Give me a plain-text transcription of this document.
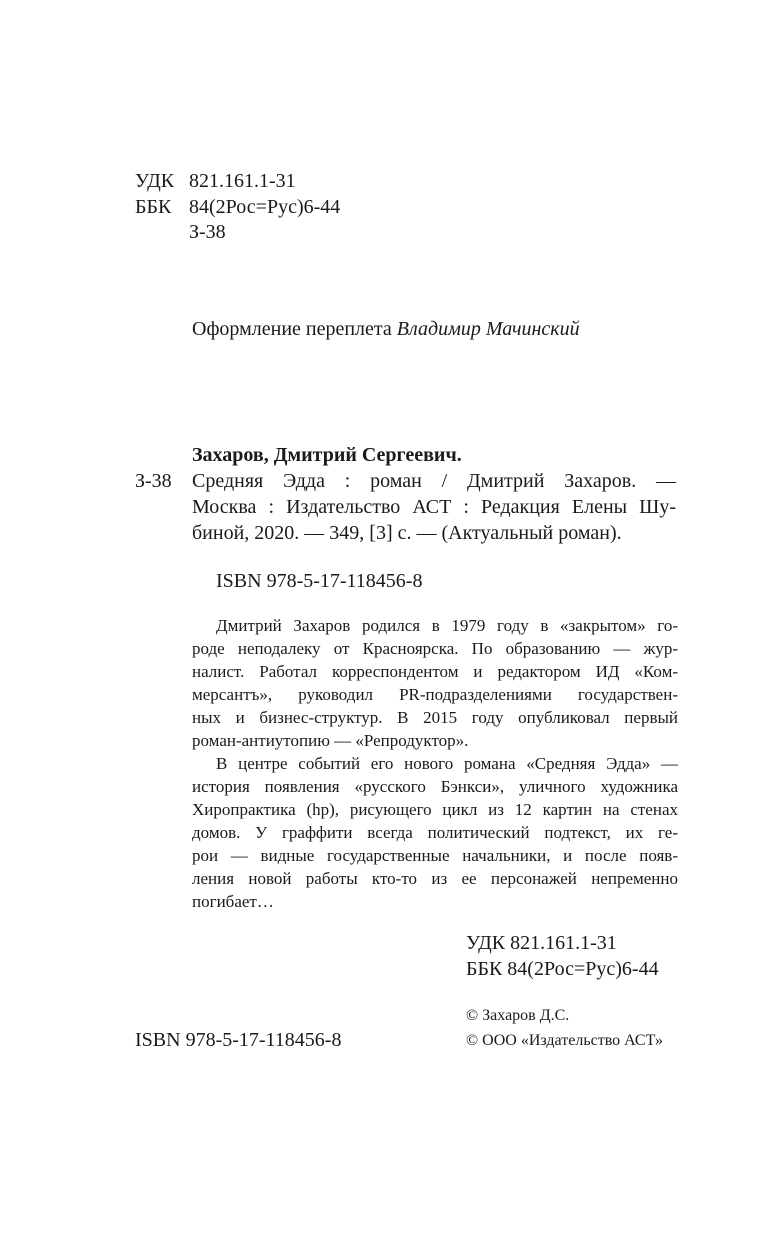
УДК 821.161.1-31
ББК 84(2Рос=Рус)6-44
З-38
Оформление переплета Владимир Мачинский
Захаров, Дмитрий Сергеевич.
З-38 Средняя Эдда : роман / Дмитрий Захаров. —
Москва : Издательство АСТ : Редакция Елены Шу-
биной, 2020. — 349, [3] с. — (Актуальный роман).
ISBN 978-5-17-118456-8
Дмитрий Захаров родился в 1979 году в «закрытом» го-
роде неподалеку от Красноярска. По образованию — жур-
налист. Работал корреспондентом и редактором ИД «Ком-
мерсантъ», руководил PR-подразделениями государствен-
ных и бизнес-структур. В 2015 году опубликовал первый
роман-антиутопию — «Репродуктор».
В центре событий его нового романа «Средняя Эдда» —
история появления «русского Бэнкси», уличного художника
Хиропрактика (hp), рисующего цикл из 12 картин на стенах
домов. У граффити всегда политический подтекст, их ге-
рои — видные государственные начальники, и после появ-
ления новой работы кто-то из ее персонажей непременно
погибает…
УДК 821.161.1-31
ББК 84(2Рос=Рус)6-44
ISBN 978-5-17-118456-8
© Захаров Д.С.
© ООО «Издательство АСТ»
